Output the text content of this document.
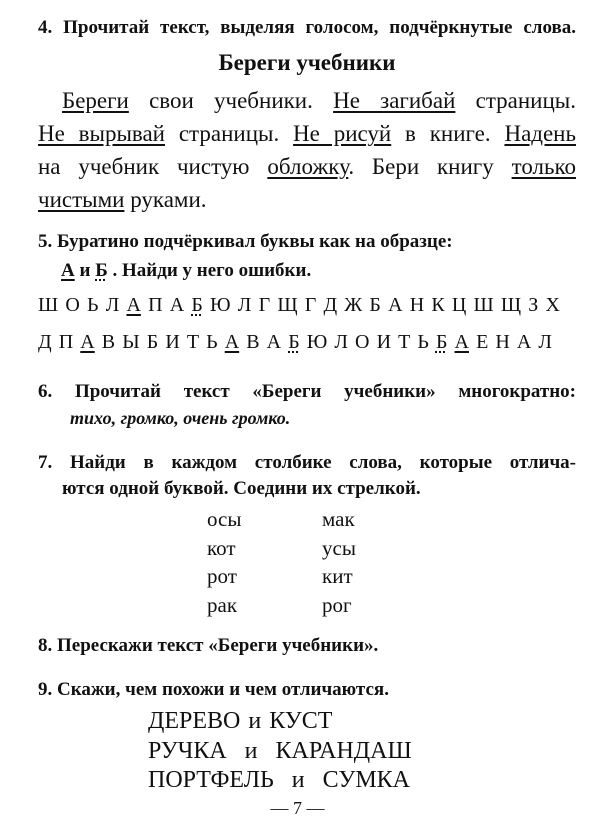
4. Прочитай текст, выделяя голосом, подчёркнутые слова.
Береги учебники
Береги свои учебники. Не загибай страницы.
Не вырывай страницы. Не рисуй в книге. Надень
на учебник чистую обложку. Бери книгу только
чистыми руками.
5. Буратино подчёркивал буквы как на образце:
А и Б . Найди у него ошибки.
Ш О Ь Л А П А Б Ю Л Г Щ Г Д Ж Б А Н К Ц Ш Щ З Х
Д П А В Ы Б И Т Ь А В А Б Ю Л О И Т Ь Б А Е Н А Л
6. Прочитай текст «Береги учебники» многократно:
тихо, громко, очень громко.
7. Найди в каждом столбике слова, которые отлича-
ются одной буквой. Соедини их стрелкой.
осы
кот
рот
рак
мак
усы
кит
рог
8. Перескажи текст «Береги учебники».
9. Скажи, чем похожи и чем отличаются.
ДЕРЕВО и КУСТ
РУЧКА и КАРАНДАШ
ПОРТФЕЛЬ и СУМКА
— 7 —
